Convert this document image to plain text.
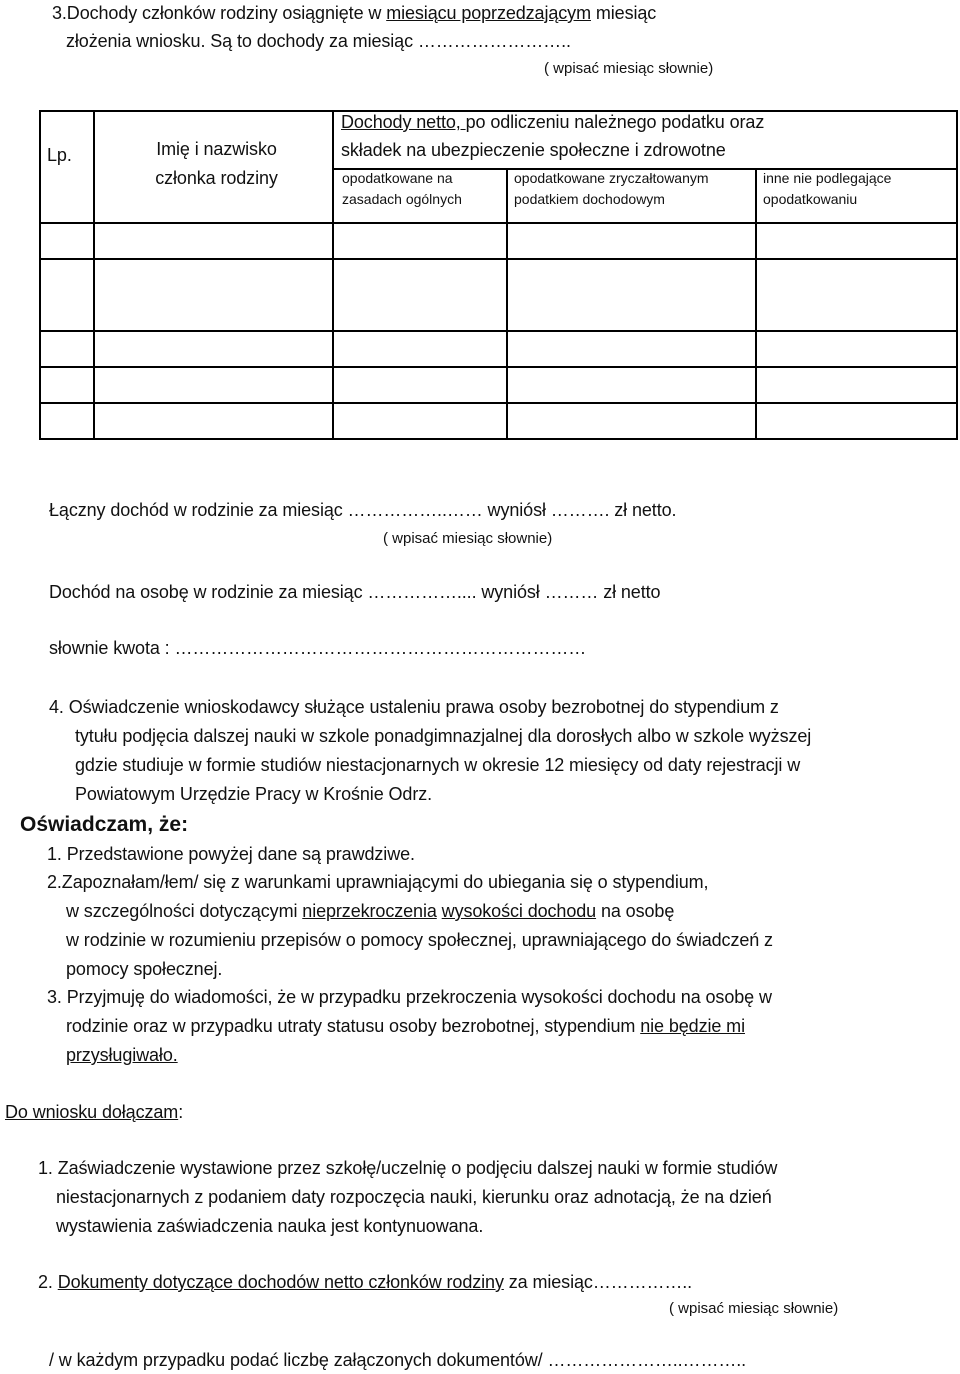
3.Dochody członków rodziny osiągnięte w miesiącu poprzedzającym miesiąc
złożenia wniosku. Są to dochody za miesiąc ……………………..
( wpisać miesiąc słownie)
Lp.	Imię i nazwisko
członka rodziny
Dochody netto, po odliczeniu należnego podatku oraz
składek na ubezpieczenie społeczne i zdrowotne
opodatkowane na
zasadach ogólnych
opodatkowane zryczałtowanym
podatkiem dochodowym
inne nie podlegające
opodatkowaniu
Łączny dochód w rodzinie za miesiąc ……………..…… wyniósł ………. zł netto.
( wpisać miesiąc słownie)
Dochód na osobę w rodzinie za miesiąc …………….... wyniósł ……… zł netto
słownie kwota : ……………………………………………………………
4. Oświadczenie wnioskodawcy służące ustaleniu prawa osoby bezrobotnej do stypendium z
tytułu podjęcia dalszej nauki w szkole ponadgimnazjalnej dla dorosłych albo w szkole wyższej
gdzie studiuje w formie studiów niestacjonarnych w okresie 12 miesięcy od daty rejestracji w
Powiatowym Urzędzie Pracy w Krośnie Odrz.
Oświadczam, że:
1. Przedstawione powyżej dane są prawdziwe.
2.Zapoznałam/łem/ się z warunkami uprawniającymi do ubiegania się o stypendium,
w szczególności dotyczącymi nieprzekroczenia wysokości dochodu na osobę
w rodzinie w rozumieniu przepisów o pomocy społecznej, uprawniającego do świadczeń z
pomocy społecznej.
3. Przyjmuję do wiadomości, że w przypadku przekroczenia wysokości dochodu na osobę w
rodzinie oraz w przypadku utraty statusu osoby bezrobotnej, stypendium nie będzie mi
przysługiwało.
Do wniosku dołączam:
1. Zaświadczenie wystawione przez szkołę/uczelnię o podjęciu dalszej nauki w formie studiów
niestacjonarnych z podaniem daty rozpoczęcia nauki, kierunku oraz adnotacją, że na dzień
wystawienia zaświadczenia nauka jest kontynuowana.
2. Dokumenty dotyczące dochodów netto członków rodziny za miesiąc……………..
( wpisać miesiąc słownie)
/ w każdym przypadku podać liczbę załączonych dokumentów/ …………………..………..
